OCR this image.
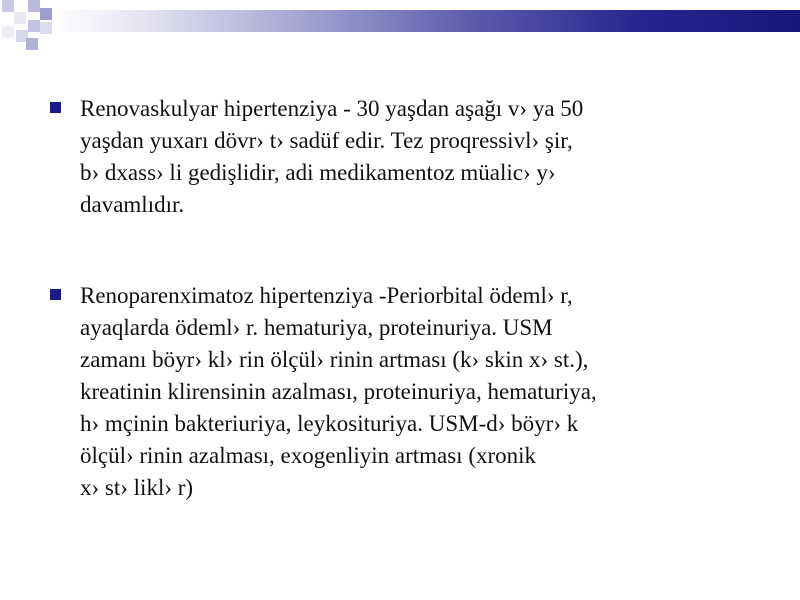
Renovaskulyar hipertenziya - 30 yaşdan aşağı v› ya 50
yaşdan yuxarı dövr› t› sadüf edir. Tez proqressivl› şir,
b› dxass› li gedişlidir, adi medikamentoz müalic› y›
davamlıdır.
Renoparenximatoz hipertenziya -Periorbital ödeml› r,
ayaqlarda ödeml› r. hematuriya, proteinuriya. USM
zamanı böyr› kl› rin ölçül› rinin artması (k› skin x› st.),
kreatinin klirensinin azalması, proteinuriya, hematuriya,
h› mçinin bakteriuriya, leykosituriya. USM-d› böyr› k
ölçül› rinin azalması, exogenliyin artması (xronik
x› st› likl› r)
